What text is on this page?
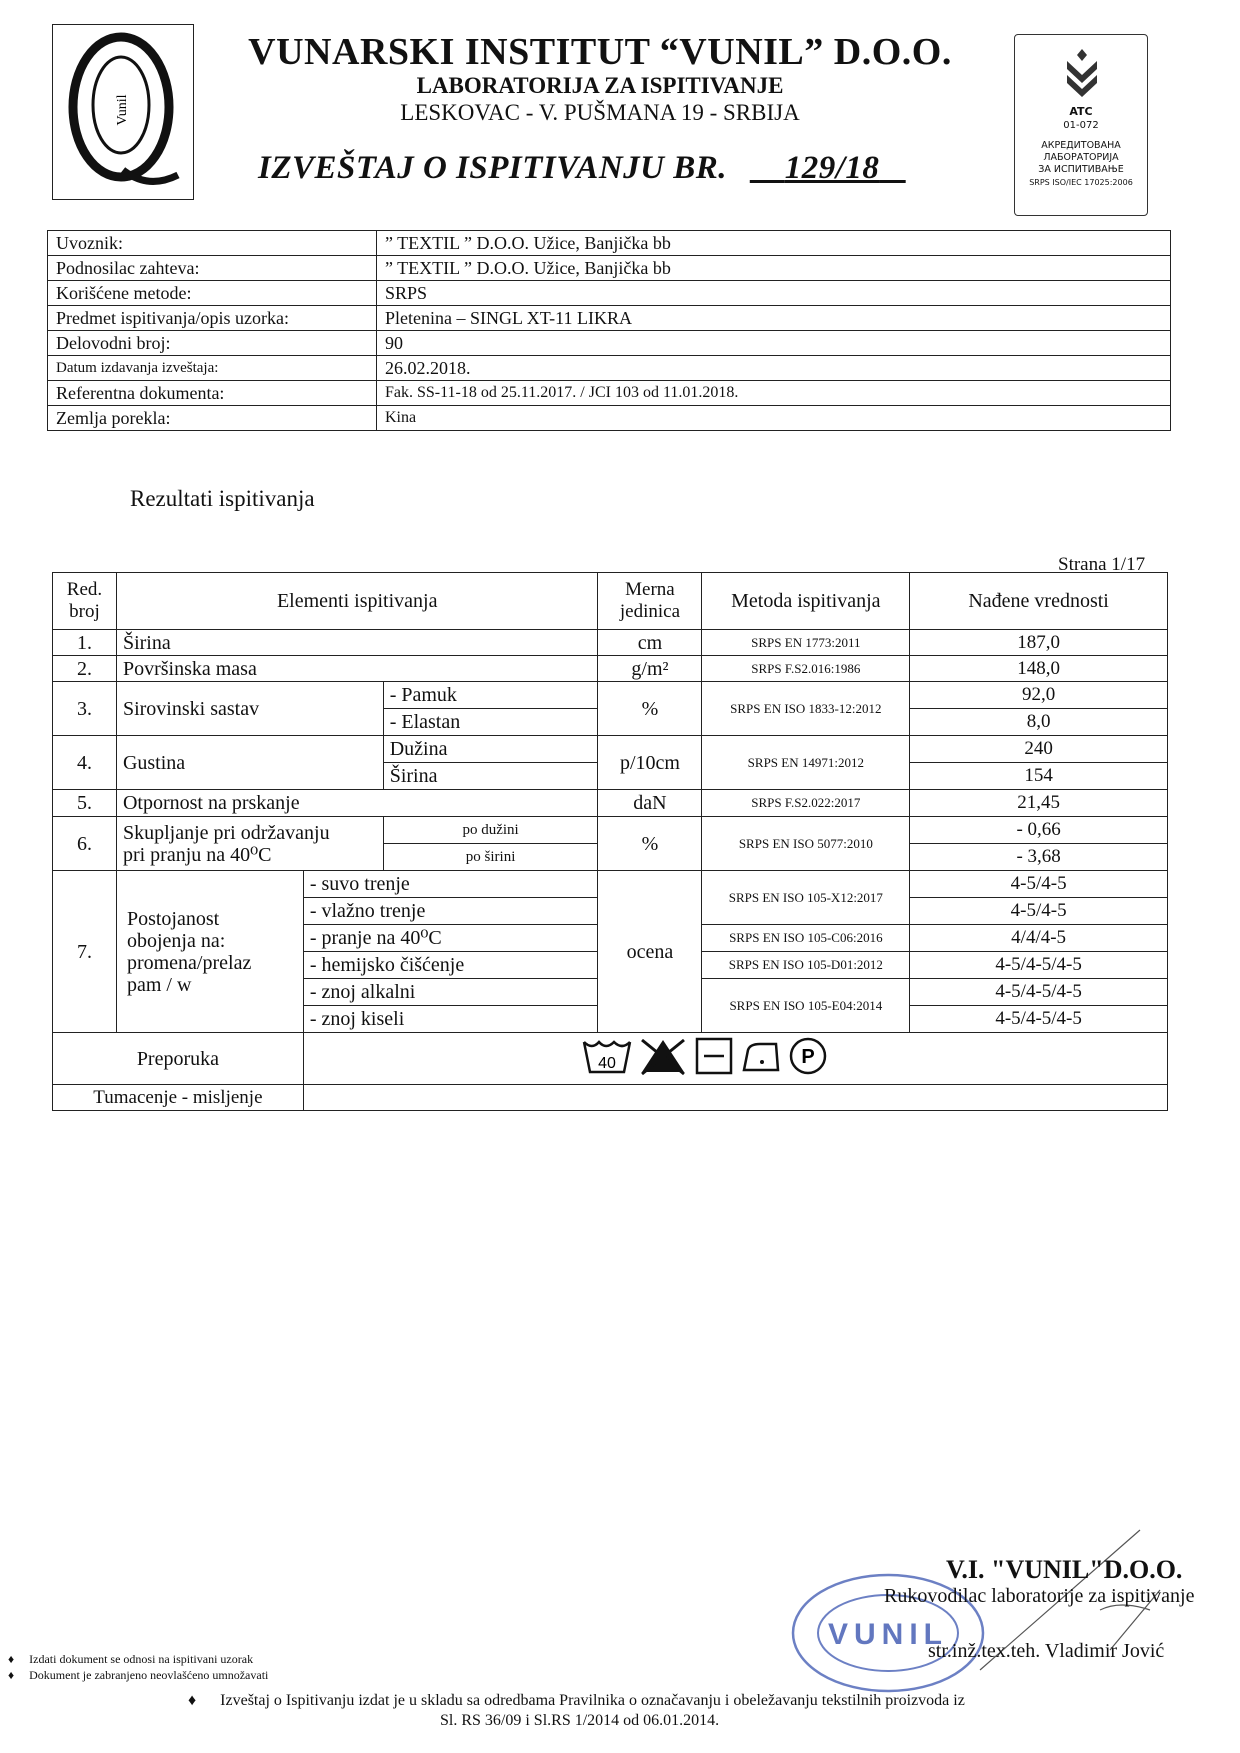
Vunil
VUNARSKI INSTITUT “VUNIL” D.O.O.
LABORATORIJA ZA ISPITIVANJE
LESKOVAC - V. PUŠMANA 19 - SRBIJA
IZVEŠTAJ O ISPITIVANJU BR. 129/18
ATC
01-072
АКРЕДИТОВАНА
ЛАБОРАТОРИЈА
ЗА ИСПИТИВАЊЕ
SRPS ISO/IEC 17025:2006
Uvoznik:	” TEXTIL ” D.O.O. Užice, Banjička bb
Podnosilac zahteva:	” TEXTIL ” D.O.O. Užice, Banjička bb
Korišćene metode:	SRPS
Predmet ispitivanja/opis uzorka:	Pletenina – SINGL XT-11 LIKRA
Delovodni broj:	90
Datum izdavanja izveštaja:	26.02.2018.
Referentna dokumenta:	Fak. SS-11-18 od 25.11.2017. / JCI 103 od 11.01.2018.
Zemlja porekla:	Kina
Rezultati ispitivanja
Strana 1/17
Red. broj	Elementi ispitivanja			Merna jedinica	Metoda ispitivanja	Nađene vrednosti
1.	Širina			cm	SRPS EN 1773:2011	187,0
2.	Površinska masa			g/m²	SRPS F.S2.016:1986	148,0
3.	Sirovinski sastav		- Pamuk	%	SRPS EN ISO 1833-12:2012	92,0
			- Elastan			8,0
4.	Gustina		Dužina	p/10cm	SRPS EN 14971:2012	240
			Širina			154
5.	Otpornost na prskanje			daN	SRPS F.S2.022:2017	21,45
6.	Skupljanje pri održavanju
pri pranju na 40⁰C		po dužini	%	SRPS EN ISO 5077:2010	- 0,66
			po širini			- 3,68
7.	Postojanost
obojenja na:
promena/prelaz
pam / w	- suvo trenje		ocena	SRPS EN ISO 105-X12:2017	4-5/4-5
		- vlažno trenje				4-5/4-5
		- pranje na 40⁰C			SRPS EN ISO 105-C06:2016	4/4/4-5
		- hemijsko čišćenje			SRPS EN ISO 105-D01:2012	4-5/4-5/4-5
		- znoj alkalni			SRPS EN ISO 105-E04:2014	4-5/4-5/4-5
		- znoj kiseli				4-5/4-5/4-5
Preporuka		40 P				

Tumacenje - misljenje						
VUNIL
V.I. "VUNIL"D.O.O.
Rukovodilac laboratorije za ispitivanje
str.inž.tex.teh. Vladimir Jović
♦     Izdati dokument se odnosi na ispitivani uzorak
♦     Dokument je zabranjeno neovlašćeno umnožavati
♦      Izveštaj o Ispitivanju izdat je u skladu sa odredbama Pravilnika o označavanju i obeležavanju tekstilnih proizvoda iz
Sl. RS 36/09 i Sl.RS 1/2014 od 06.01.2014.
